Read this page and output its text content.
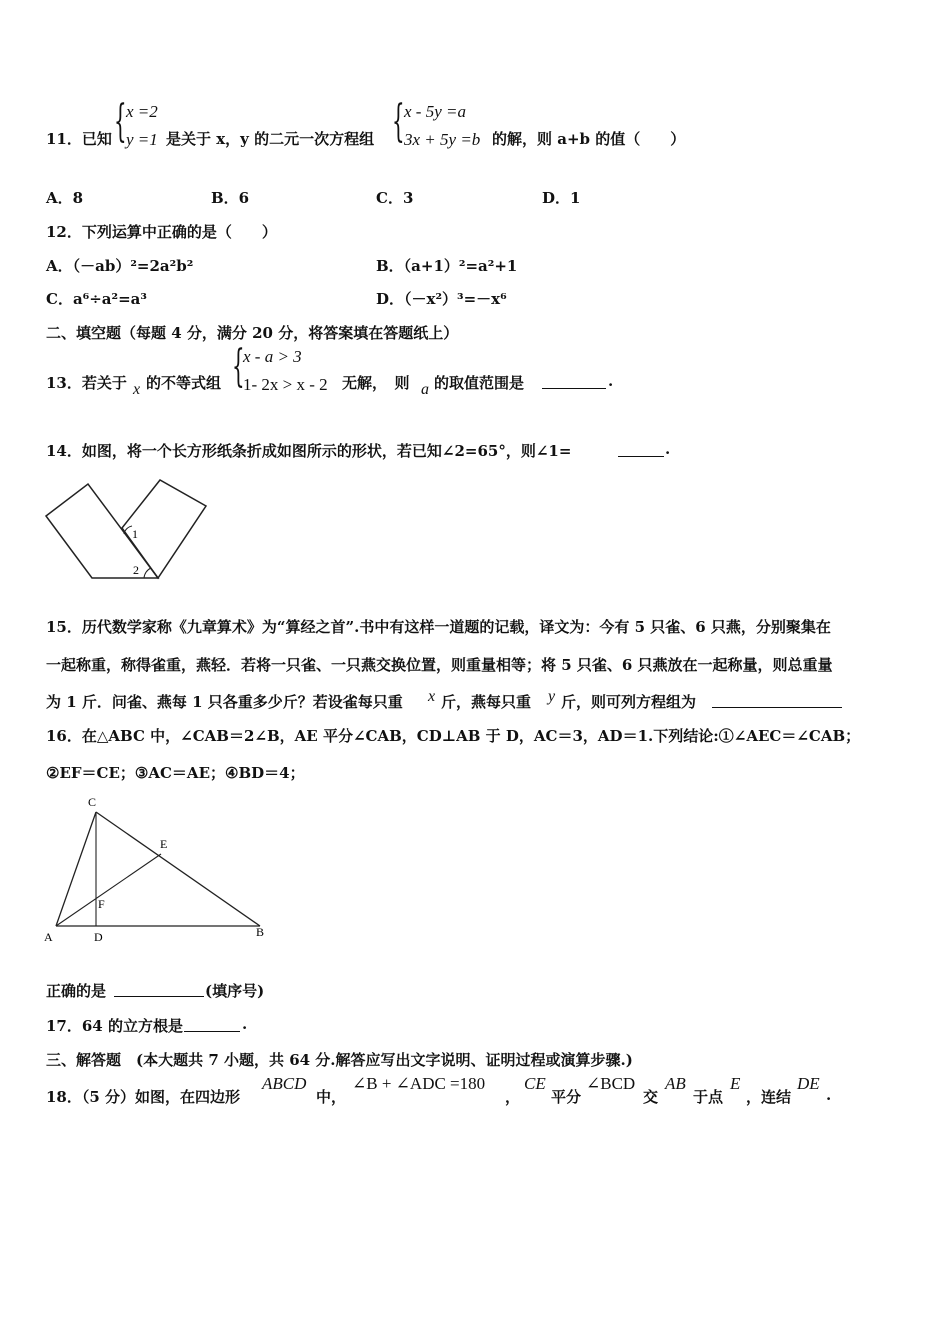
11．已知 { x =2
y =1 是关于 x，y 的二元一次方程组 { x - 5y =a
3x + 5y =b 的解，则 a+b 的值（　　）
A．8	B．6	C．3	D．1
12．下列运算中正确的是（　　）
A．（－ab）²=2a²b²	B．（a+1）²=a²+1
C．a⁶÷a²=a³	D．（－x²）³=－x⁶
二、填空题（每题 4 分，满分 20 分，将答案填在答题纸上）
13．若关于 x 的不等式组 {
x - a > 3
1- 2x > x - 2 无解，　则 a 的取值范围是	.
14．如图，将一个长方形纸条折成如图所示的形状，若已知∠2=65°，则∠1=	.
1
2
15．历代数学家称《九章算术》为“算经之首”.书中有这样一道题的记载，译文为：今有 5 只雀、6 只燕，分别聚集在
一起称重，称得雀重，燕轻．若将一只雀、一只燕交换位置，则重量相等；将 5 只雀、6 只燕放在一起称量，则总重量
为 1 斤．问雀、燕每 1 只各重多少斤？若设雀每只重 x 斤，燕每只重 y 斤，则可列方程组为
16．在△ABC 中，∠CAB＝2∠B，AE 平分∠CAB，CD⊥AB 于 D，AC＝3，AD＝1.下列结论:①∠AEC＝∠CAB；
②EF＝CE；③AC＝AE；④BD＝4；
C
E
F
A	D	B
正确的是	(填序号)
17．64 的立方根是	.
三、解答题　(本大题共 7 小题，共 64 分.解答应写出文字说明、证明过程或演算步骤.)
18．（5 分）如图，在四边形
ABCD
中，
∠B + ∠ADC =180
，
CE
平分
∠BCD
交
AB
于点
E
，连结
DE
.
